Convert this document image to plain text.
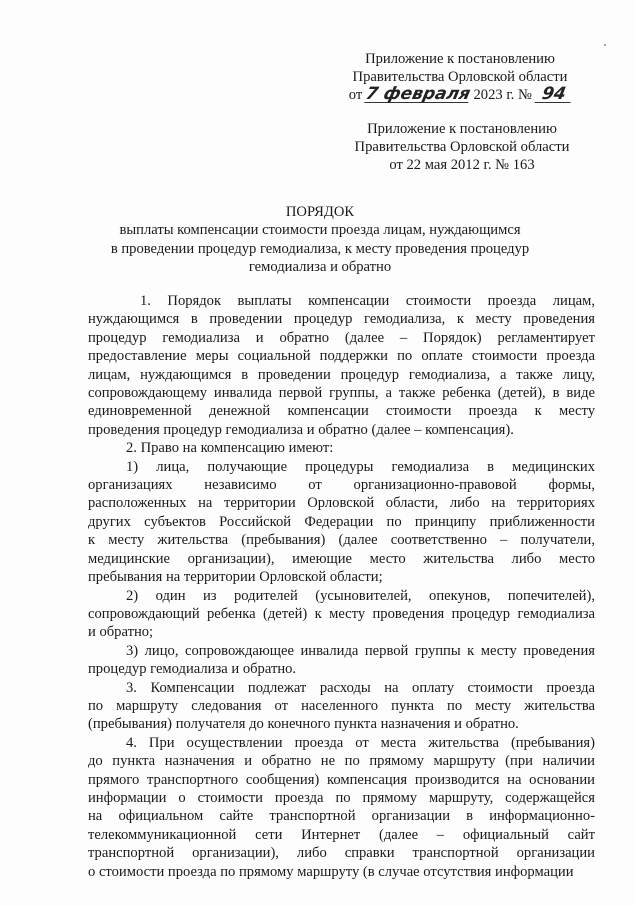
Приложение к постановлению
Правительства Орловской области
от 7 февраля 2023 г. № 94
Приложение к постановлению
Правительства Орловской области
от 22 мая 2012 г. № 163
ПОРЯДОК
выплаты компенсации стоимости проезда лицам, нуждающимся
в проведении процедур гемодиализа, к месту проведения процедур
гемодиализа и обратно
1. Порядок выплаты компенсации стоимости проезда лицам,
нуждающимся в проведении процедур гемодиализа, к месту проведения
процедур гемодиализа и обратно (далее – Порядок) регламентирует
предоставление меры социальной поддержки по оплате стоимости проезда
лицам, нуждающимся в проведении процедур гемодиализа, а также лицу,
сопровождающему инвалида первой группы, а также ребенка (детей), в виде
единовременной денежной компенсации стоимости проезда к месту
проведения процедур гемодиализа и обратно (далее – компенсация).
2. Право на компенсацию имеют:
1) лица, получающие процедуры гемодиализа в медицинских
организациях независимо от организационно-правовой формы,
расположенных на территории Орловской области, либо на территориях
других субъектов Российской Федерации по принципу приближенности
к месту жительства (пребывания) (далее соответственно – получатели,
медицинские организации), имеющие место жительства либо место
пребывания на территории Орловской области;
2) один из родителей (усыновителей, опекунов, попечителей),
сопровождающий ребенка (детей) к месту проведения процедур гемодиализа
и обратно;
3) лицо, сопровождающее инвалида первой группы к месту проведения
процедур гемодиализа и обратно.
3. Компенсации подлежат расходы на оплату стоимости проезда
по маршруту следования от населенного пункта по месту жительства
(пребывания) получателя до конечного пункта назначения и обратно.
4. При осуществлении проезда от места жительства (пребывания)
до пункта назначения и обратно не по прямому маршруту (при наличии
прямого транспортного сообщения) компенсация производится на основании
информации о стоимости проезда по прямому маршруту, содержащейся
на официальном сайте транспортной организации в информационно-
телекоммуникационной сети Интернет (далее – официальный сайт
транспортной организации), либо справки транспортной организации
о стоимости проезда по прямому маршруту (в случае отсутствия информации
